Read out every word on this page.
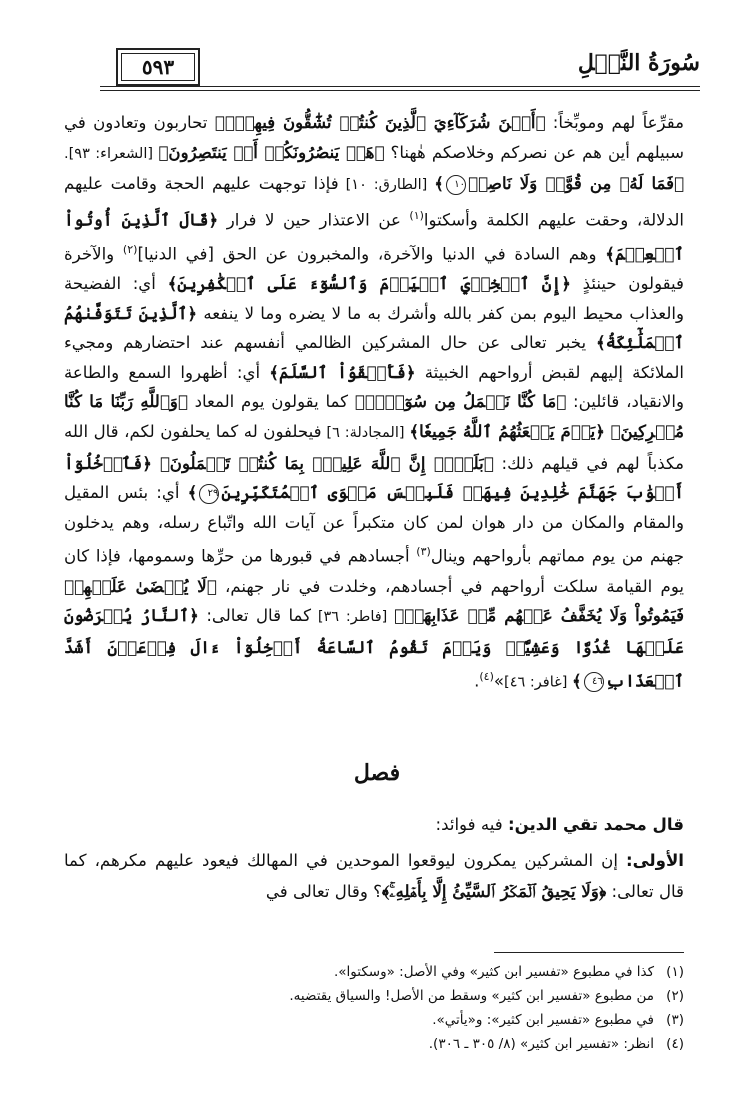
سُورَةُ النَّحۡلِ
٥٩٣

مقرِّعاً لهم وموبِّخاً: ﴿أَيۡنَ شُرَكَآءِيَ ٱلَّذِينَ كُنتُمۡ تُشَٰٓقُّونَ فِيهِمۡۚ﴾ تحاربون وتعادون في سبيلهم أين هم عن نصركم وخلاصكم هٰهنا؟ ﴿هَلۡ يَنصُرُونَكُمۡ أَوۡ يَنتَصِرُونَ﴾ [الشعراء: ٩٣]. ﴿فَمَا لَهُۥ مِن قُوَّةٖ وَلَا نَاصِرٖ١٠﴾ [الطارق: ١٠] فإذا توجهت عليهم الحجة وقامت عليهم الدلالة، وحقت عليهم الكلمة وأسكتوا$^{(١)}$ عن الاعتذار حين لا فرار ﴿قَالَ ٱلَّذِينَ أُوتُواْ ٱلۡعِلۡمَ﴾ وهم السادة في الدنيا والآخرة، والمخبرون عن الحق [في الدنيا]$^{(٢)}$ والآخرة فيقولون حينئذٍ ﴿إِنَّ ٱلۡخِزۡيَ ٱلۡيَوۡمَ وَٱلسُّوٓءَ عَلَى ٱلۡكَٰفِرِينَ﴾ أي: الفضيحة والعذاب محيط اليوم بمن كفر بالله وأشرك به ما لا يضره وما لا ينفعه ﴿ٱلَّذِينَ تَتَوَفَّىٰهُمُ ٱلۡمَلَٰٓئِكَةُ﴾ يخبر تعالى عن حال المشركين الظالمي أنفسهم عند احتضارهم ومجيء الملائكة إليهم لقبض أرواحهم الخبيثة ﴿فَأَلۡقَوُاْ ٱلسَّلَمَ﴾ أي: أظهروا السمع والطاعة والانقياد، قائلين: ﴿مَا كُنَّا نَعۡمَلُ مِن سُوٓءِۭۚ﴾ كما يقولون يوم المعاد ﴿وَٱللَّهِ رَبِّنَا مَا كُنَّا مُشۡرِكِينَ﴾ ﴿يَوۡمَ يَبۡعَثُهُمُ ٱللَّهُ جَمِيعٗا﴾ [المجادلة: ٦] فيحلفون له كما يحلفون لكم، قال الله مكذباً لهم في قيلهم ذلك: ﴿بَلَىٰٓۚ إِنَّ ٱللَّهَ عَلِيمُۢ بِمَا كُنتُمۡ تَعۡمَلُونَ﴾ ﴿فَٱدۡخُلُوٓاْ أَبۡوَٰبَ جَهَنَّمَ خَٰلِدِينَ فِيهَاۖ فَلَبِئۡسَ مَثۡوَى ٱلۡمُتَكَبِّرِينَ٢٩﴾ أي: بئس المقيل والمقام والمكان من دار هوان لمن كان متكبراً عن آيات الله واتّباع رسله، وهم يدخلون جهنم من يوم مماتهم بأرواحهم وينال$^{(٣)}$ أجسادهم في قبورها من حرِّها وسمومها، فإذا كان يوم القيامة سلكت أرواحهم في أجسادهم، وخلدت في نار جهنم، ﴿لَا يُقۡضَىٰ عَلَيۡهِمۡ فَيَمُوتُواْ وَلَا يُخَفَّفُ عَنۡهُم مِّنۡ عَذَابِهَاۚ﴾ [فاطر: ٣٦] كما قال تعالى: ﴿ٱلنَّارُ يُعۡرَضُونَ عَلَيۡهَا غُدُوّٗا وَعَشِيّٗاۖ وَيَوۡمَ تَقُومُ ٱلسَّاعَةُ أَدۡخِلُوٓاْ ءَالَ فِرۡعَوۡنَ أَشَدَّ ٱلۡعَذَابِ٤٦﴾ [غافر: ٤٦]»$^{(٤)}$.

فصل

قال محمد تقي الدين: فيه فوائد:

الأولى: إن المشركين يمكرون ليوقعوا الموحدين في المهالك فيعود عليهم مكرهم، كما قال تعالى: ﴿وَلَا يَحِيقُ ٱلۡمَكۡرُ ٱلسَّيِّئُ إِلَّا بِأَهۡلِهِۦۚ﴾؟ وقال تعالى في

(١)كذا في مطبوع «تفسير ابن كثير» وفي الأصل: «وسكتوا».
(٢)من مطبوع «تفسير ابن كثير» وسقط من الأصل! والسياق يقتضيه.
(٣)في مطبوع «تفسير ابن كثير»: و«يأتي».
(٤)انظر: «تفسير ابن كثير» (٨/ ٣٠٥ ـ ٣٠٦).
